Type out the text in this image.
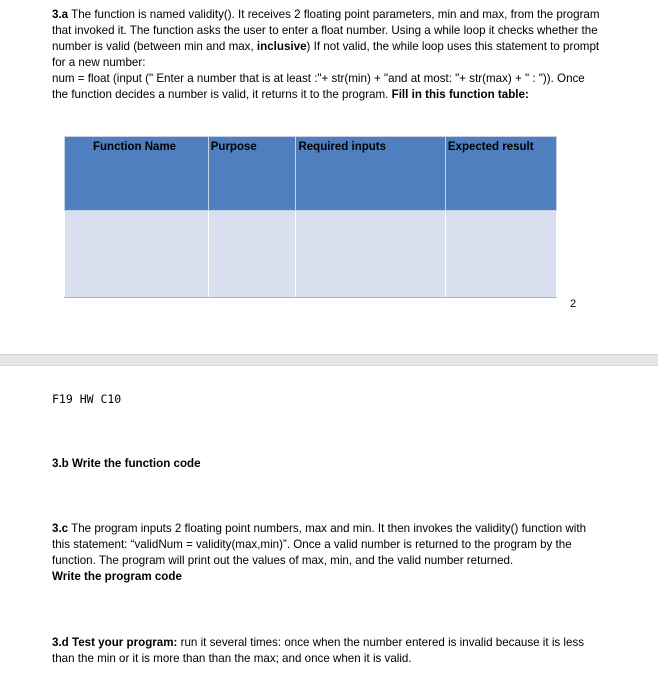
3.a The function is named validity(). It receives 2 floating point parameters, min and max, from the program that invoked it. The function asks the user to enter a float number. Using a while loop it checks whether the number is valid (between min and max, inclusive) If not valid, the while loop uses this statement to prompt for a new number:
num = float (input (" Enter a number that is at least :"+ str(min) + "and at most: "+ str(max) + " : ")). Once the function decides a number is valid, it returns it to the program. Fill in this function table:

Function Name	Purpose	Required inputs	Expected result

2

F19 HW C10

3.b Write the function code

3.c The program inputs 2 floating point numbers, max and min. It then invokes the validity() function with this statement: “validNum = validity(max,min)”. Once a valid number is returned to the program by the function. The program will print out the values of max, min, and the valid number returned.
Write the program code

3.d Test your program: run it several times: once when the number entered is invalid because it is less than the min or it is more than than the max; and once when it is valid.
